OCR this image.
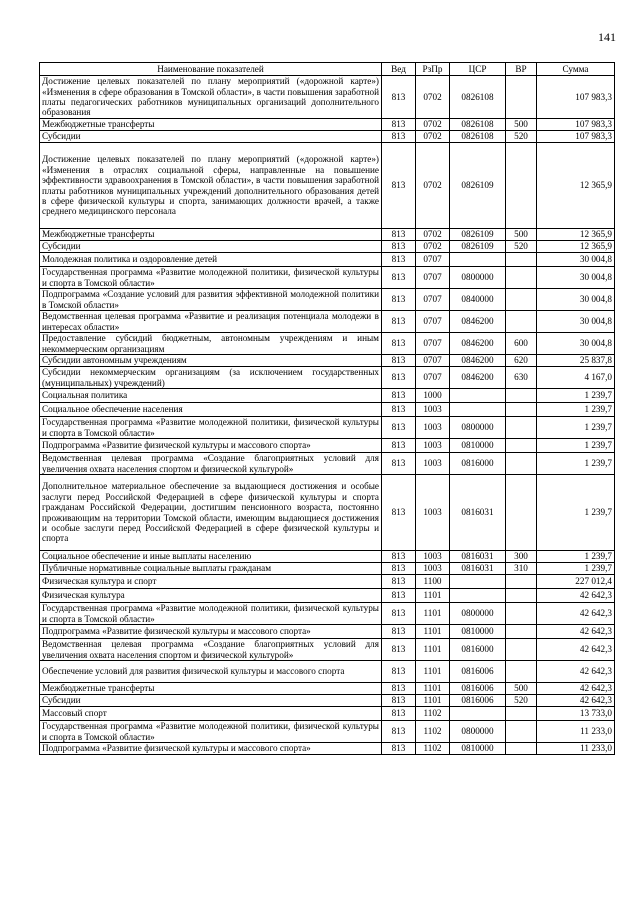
141
Наименование показателей	Вед	РзПр	ЦСР	ВР	Сумма
Достижение целевых показателей по плану мероприятий («дорожной карте») «Изменения в сфере образования в Томской области», в части повышения заработной платы педагогических работников муниципальных организаций дополнительного образования	813	0702	0826108		107 983,3
Межбюджетные трансферты	813	0702	0826108	500	107 983,3
Субсидии	813	0702	0826108	520	107 983,3
Достижение целевых показателей по плану мероприятий («дорожной карте») «Изменения в отраслях социальной сферы, направленные на повышение эффективности здравоохранения в Томской области», в части повышения заработной платы работников муниципальных учреждений дополнительного образования детей в сфере физической культуры и спорта, занимающих должности врачей, а также среднего медицинского персонала	813	0702	0826109		12 365,9
Межбюджетные трансферты	813	0702	0826109	500	12 365,9
Субсидии	813	0702	0826109	520	12 365,9
Молодежная политика и оздоровление детей	813	0707			30 004,8
Государственная программа «Развитие молодежной политики, физической культуры и спорта в Томской области»	813	0707	0800000		30 004,8
Подпрограмма «Создание условий для развития эффективной молодежной политики в Томской области»	813	0707	0840000		30 004,8
Ведомственная целевая программа «Развитие и реализация потенциала молодежи в интересах области»	813	0707	0846200		30 004,8
Предоставление субсидий бюджетным, автономным учреждениям и иным некоммерческим организациям	813	0707	0846200	600	30 004,8
Субсидии автономным учреждениям	813	0707	0846200	620	25 837,8
Субсидии некоммерческим организациям (за исключением государственных (муниципальных) учреждений)	813	0707	0846200	630	4 167,0
Социальная политика	813	1000			1 239,7
Социальное обеспечение населения	813	1003			1 239,7
Государственная программа «Развитие молодежной политики, физической культуры и спорта в Томской области»	813	1003	0800000		1 239,7
Подпрограмма «Развитие физической культуры и массового спорта»	813	1003	0810000		1 239,7
Ведомственная целевая программа «Создание благоприятных условий для увеличения охвата населения спортом и физической культурой»	813	1003	0816000		1 239,7
Дополнительное материальное обеспечение за выдающиеся достижения и особые заслуги перед Российской Федерацией в сфере физической культуры и спорта гражданам Российской Федерации, достигшим пенсионного возраста, постоянно проживающим на территории Томской области, имеющим выдающиеся достижения и особые заслуги перед Российской Федерацией в сфере физической культуры и спорта	813	1003	0816031		1 239,7
Социальное обеспечение и иные выплаты населению	813	1003	0816031	300	1 239,7
Публичные нормативные социальные выплаты гражданам	813	1003	0816031	310	1 239,7
Физическая культура и спорт	813	1100			227 012,4
Физическая культура	813	1101			42 642,3
Государственная программа «Развитие молодежной политики, физической культуры и спорта в Томской области»	813	1101	0800000		42 642,3
Подпрограмма «Развитие физической культуры и массового спорта»	813	1101	0810000		42 642,3
Ведомственная целевая программа «Создание благоприятных условий для увеличения охвата населения спортом и физической культурой»	813	1101	0816000		42 642,3
Обеспечение условий для развития физической культуры и массового спорта	813	1101	0816006		42 642,3
Межбюджетные трансферты	813	1101	0816006	500	42 642,3
Субсидии	813	1101	0816006	520	42 642,3
Массовый спорт	813	1102			13 733,0
Государственная программа «Развитие молодежной политики, физической культуры и спорта в Томской области»	813	1102	0800000		11 233,0
Подпрограмма «Развитие физической культуры и массового спорта»	813	1102	0810000		11 233,0
